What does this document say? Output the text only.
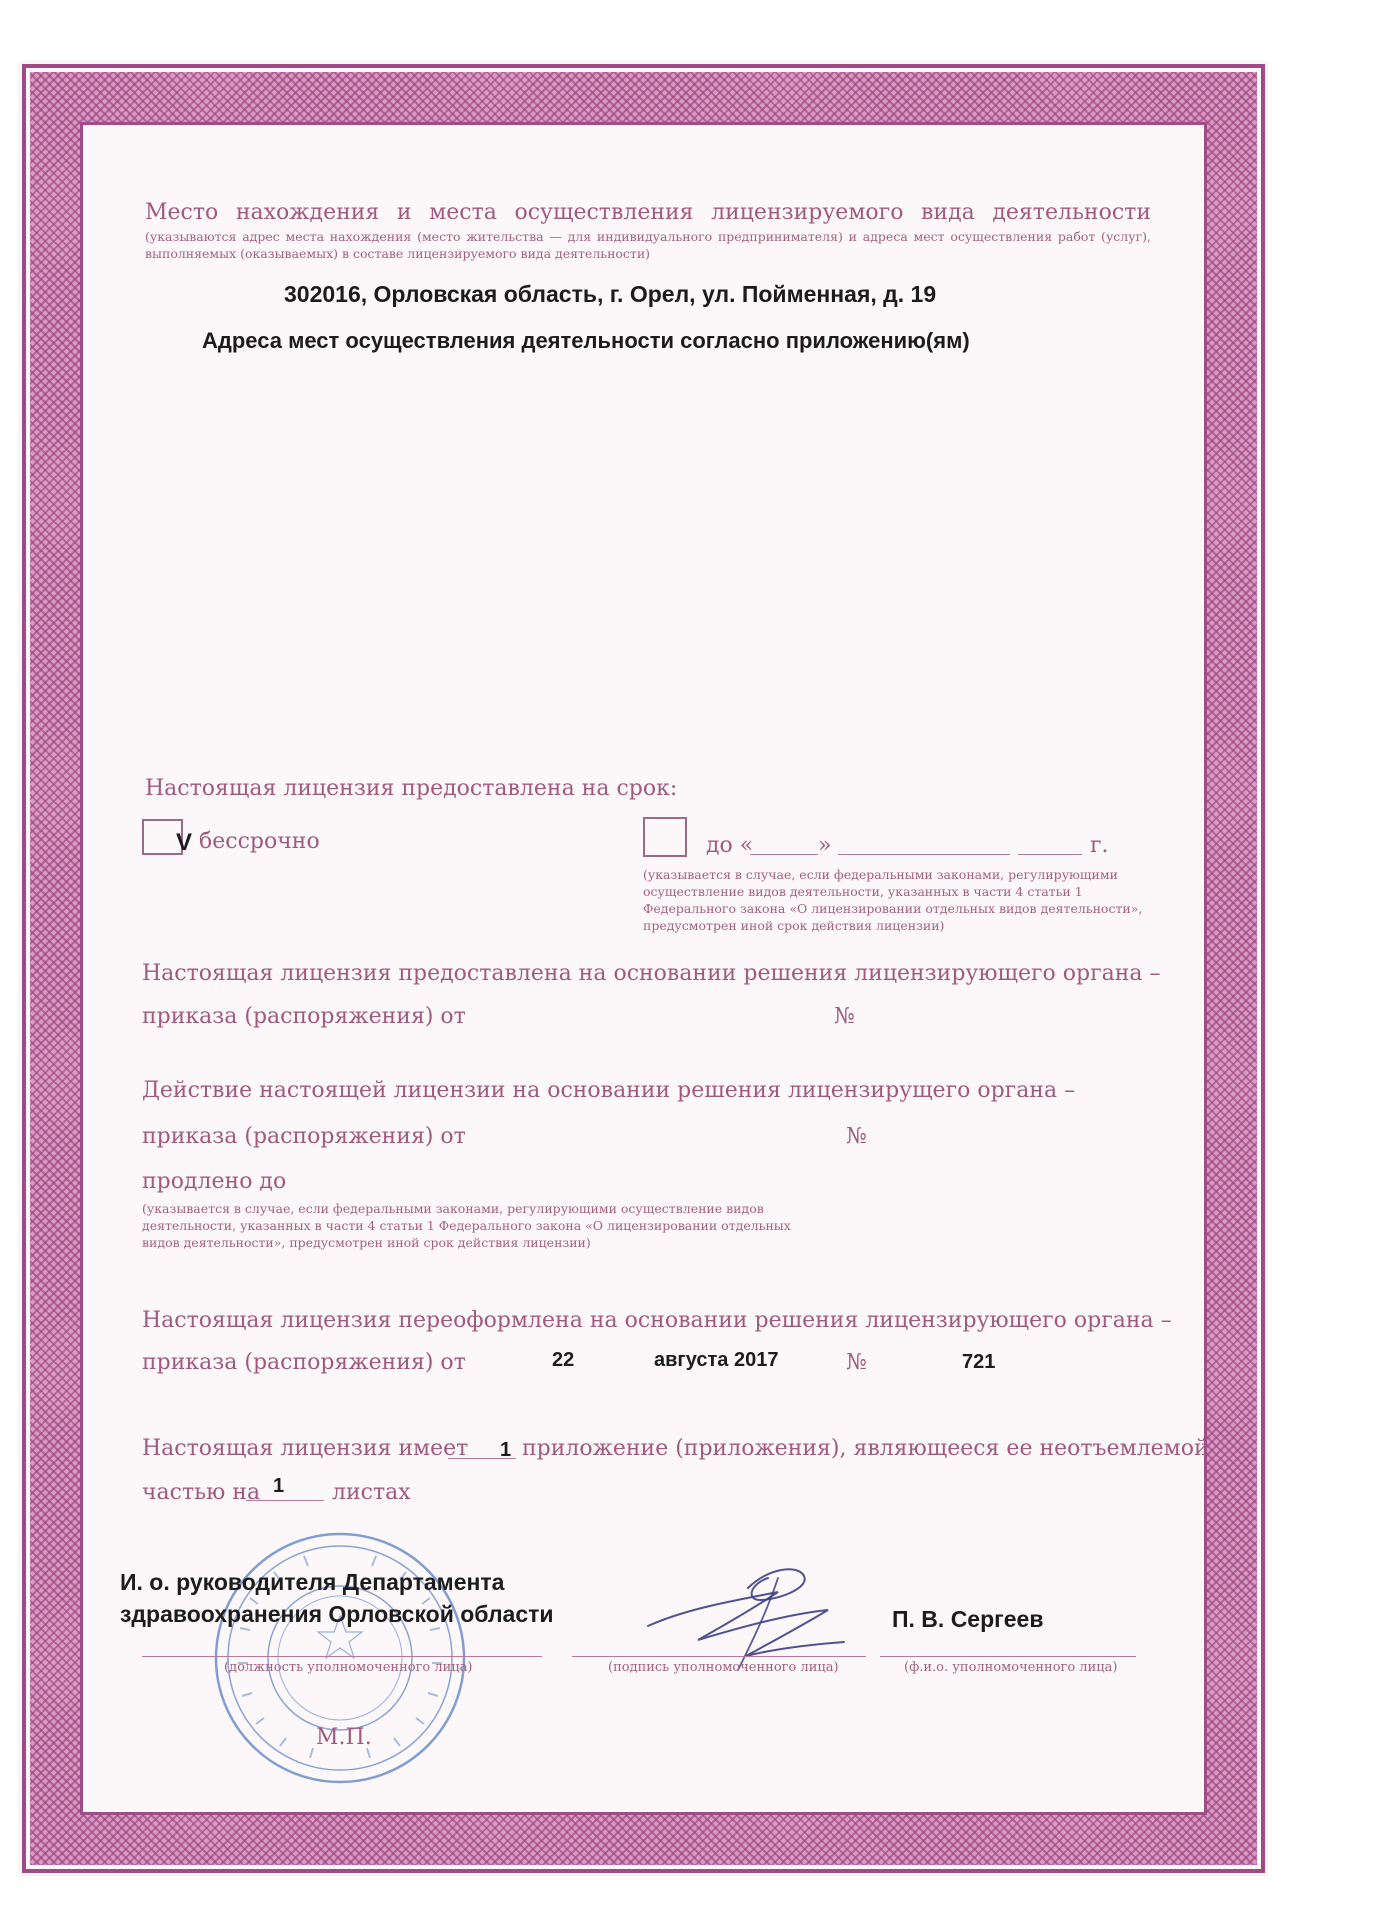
Место нахождения и места осуществления лицензируемого вида деятельности
(указываются адрес места нахождения (место жительства — для индивидуального предпринимателя) и адреса мест осуществления работ (услуг), выполняемых (оказываемых) в составе лицензируемого вида деятельности)
302016, Орловская область, г. Орел, ул. Пойменная, д. 19
Адреса мест осуществления деятельности согласно приложению(ям)
Настоящая лицензия предоставлена на срок:
V бессрочно	до «	»	г.
(указывается в случае, если федеральными законами, регулирующими осуществление видов деятельности, указанных в части 4 статьи 1 Федерального закона «О лицензировании отдельных видов деятельности», предусмотрен иной срок действия лицензии)
Настоящая лицензия предоставлена на основании решения лицензирующего органа –
приказа (распоряжения) от	№
Действие настоящей лицензии на основании решения лицензирущего органа –
приказа (распоряжения) от	№
продлено до
(указывается в случае, если федеральными законами, регулирующими осуществление видов деятельности, указанных в части 4 статьи 1 Федерального закона «О лицензировании отдельных видов деятельности», предусмотрен иной срок действия лицензии)
Настоящая лицензия переоформлена на основании решения лицензирующего органа –
приказа (распоряжения) от	22	августа 2017	№	721
Настоящая лицензия имеет 1 приложение (приложения), являющееся ее неотъемлемой
частью на 1 листах
И. о. руководителя Департамента
здравоохранения Орловской области	П. В. Сергеев
(должность уполномоченного лица)	(подпись уполномоченного лица)	(ф.и.о. уполномоченного лица)
М.П.
